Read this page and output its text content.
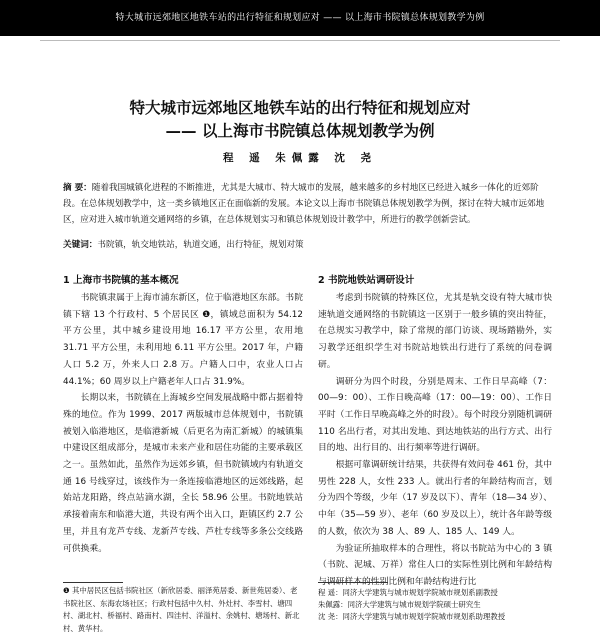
特大城市远郊地区地铁车站的出行特征和规划应对 —— 以上海市书院镇总体规划教学为例
特大城市远郊地区地铁车站的出行特征和规划应对
—— 以上海市书院镇总体规划教学为例
程 遥 朱佩露 沈 尧
摘 要：随着我国城镇化进程的不断推进，尤其是大城市、特大城市的发展，越来越多的乡村地区已经进入城乡一体化的近郊阶段。在总体规划教学中，这一类乡镇地区正在面临新的发展。本论文以上海市书院镇总体规划教学为例，探讨在特大城市远郊地区，应对进入城市轨道交通网络的乡镇，在总体规划实习和镇总体规划设计教学中，所进行的教学创新尝试。
关键词：书院镇，轨交地铁站，轨道交通，出行特征，规划对策
1 上海市书院镇的基本概况	2 书院地铁站调研设计

书院镇隶属于上海市浦东新区，位于临港地区东部。书院镇下辖 13 个行政村、5 个居民区 ❶，镇域总面积为 54.12 平方公里，其中城乡建设用地 16.17 平方公里，农用地 31.71 平方公里，未利用地 6.11 平方公里。2017 年，户籍人口 5.2 万，外来人口 2.8 万。户籍人口中，农业人口占 44.1%；60 周岁以上户籍老年人口占 31.9%。

长期以来，书院镇在上海城乡空间发展战略中都占据着特殊的地位。作为 1999、2017 两版城市总体规划中，书院镇被划入临港地区，是临港新城（后更名为南汇新城）的城镇集中建设区组成部分，是城市未来产业和居住功能的主要承载区之一。虽然如此，虽然作为远郊乡镇，但书院镇域内有轨道交通 16 号线穿过，该线作为一条连接临港地区的远郊线路，起始站龙阳路，终点站滴水湖，全长 58.96 公里。书院地铁站承接着南东和临港大道，共设有两个出入口，距镇区约 2.7 公里，并且有龙芦专线、龙新芦专线、芦杜专线等多条公交线路可供换乘。

考虑到书院镇的特殊区位，尤其是轨交设有特大城市快速轨道交通网络的书院镇这一区别于一般乡镇的突出特征，在总规实习教学中，除了常规的部门访谈、现场踏勘外，实习教学还组织学生对书院站地铁出行进行了系统的问卷调研。

调研分为四个时段，分别是周末、工作日早高峰（7：00—9：00）、工作日晚高峰（17：00—19：00）、工作日平时（工作日早晚高峰之外的时段）。每个时段分别随机调研 110 名出行者，对其出发地、到达地铁站的出行方式、出行目的地、出行目的、出行频率等进行调研。

根据可靠调研统计结果，共获得有效问卷 461 份，其中男性 228 人，女性 233 人。就出行者的年龄结构而言，划分为四个等级，少年（17 岁及以下）、青年（18—34 岁）、中年（35—59 岁）、老年（60 岁及以上），统计各年龄等级的人数，依次为 38 人、89 人、185 人、149 人。

为验证所抽取样本的合理性，将以书院站为中心的 3 镇（书院、泥城、万祥）常住人口的实际性别比例和年龄结构与调研样本的性别比例和年龄结构进行比

❶ 其中居民区包括书院社区（新欣居委、丽泽苑居委、新世苑居委）、老书院社区、东海农场社区；行政村包括中久村、外灶村、李雪村、塘四村、湖北村、桥福村、路南村、四洼村、洋溢村、余姚村、塘场村、新北村、黄华村。
程 遥：同济大学建筑与城市规划学院城市规划系副教授
朱佩露：同济大学建筑与城市规划学院硕士研究生
沈 尧：同济大学建筑与城市规划学院城市规划系助理教授
